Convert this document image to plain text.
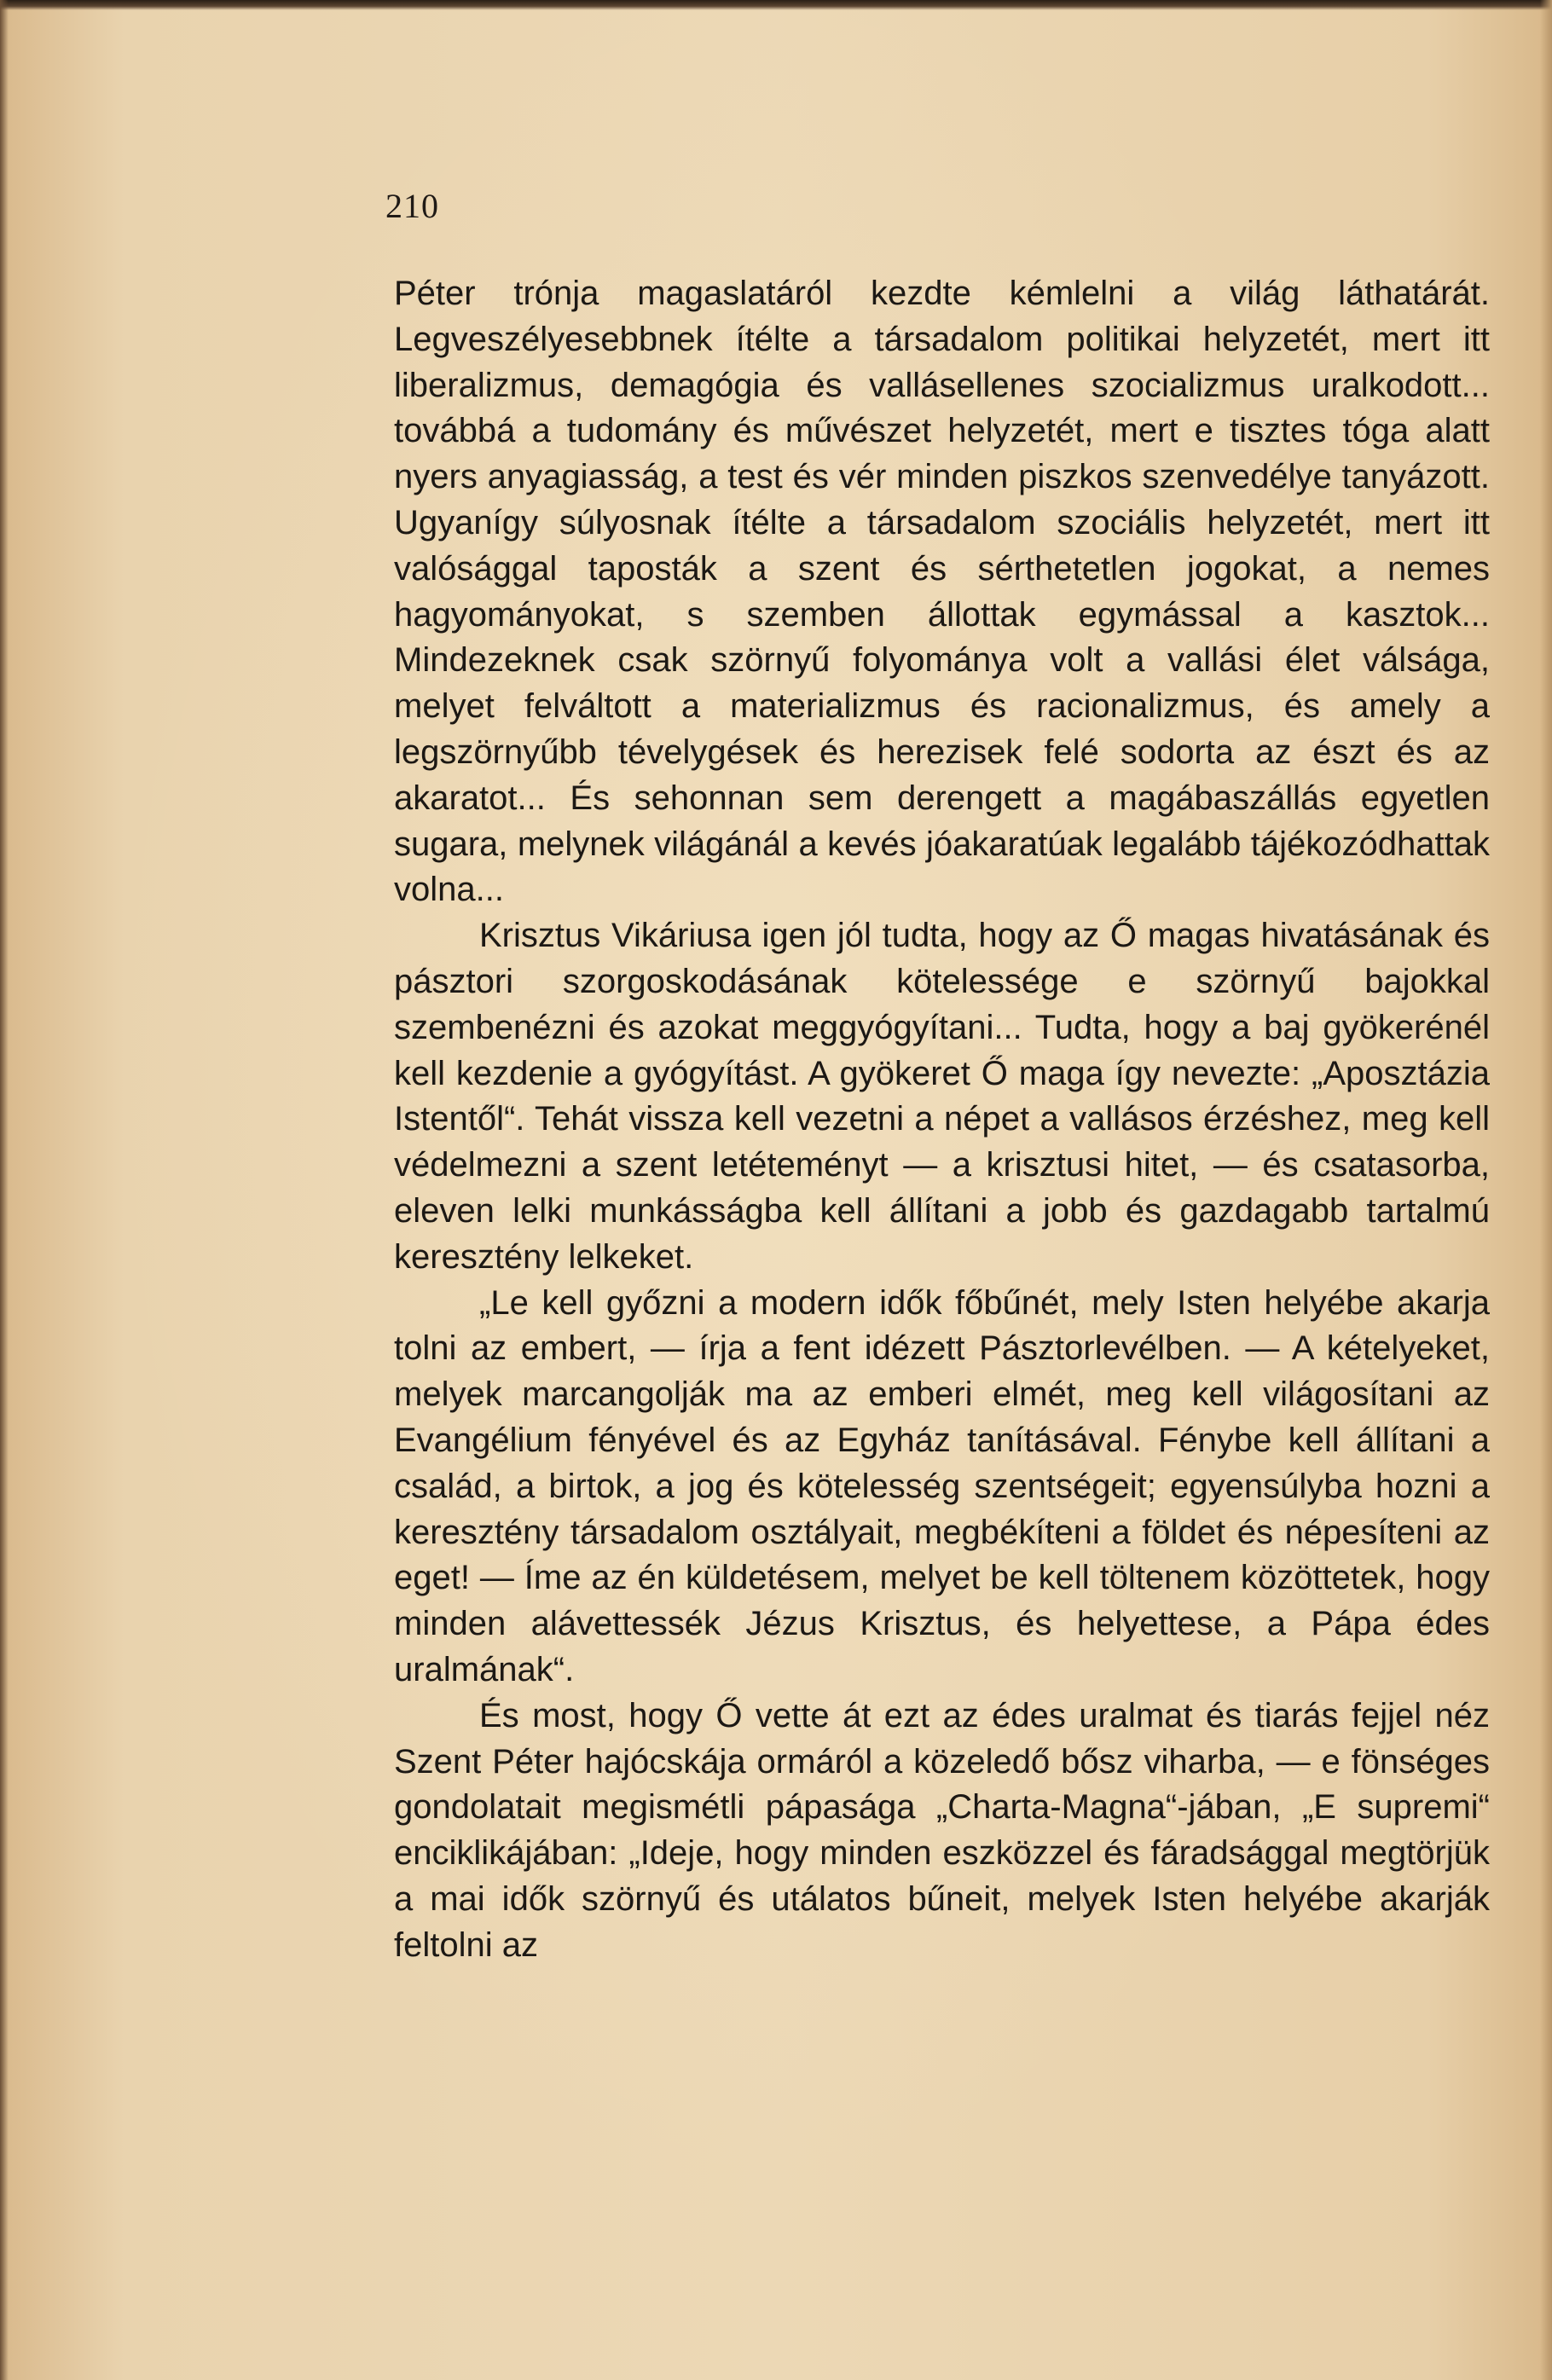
210

Péter trónja magaslatáról kezdte kémlelni a világ láthatárát. Legveszélyesebbnek ítélte a társadalom politikai helyzetét, mert itt liberalizmus, demagógia és vallásellenes szocializmus uralkodott... továbbá a tudomány és művészet helyzetét, mert e tisztes tóga alatt nyers anyagiasság, a test és vér minden piszkos szenvedélye tanyázott. Ugyanígy súlyosnak ítélte a társadalom szociális helyzetét, mert itt valósággal taposták a szent és sérthetetlen jogokat, a nemes hagyományokat, s szemben állottak egymással a kasztok... Mindezeknek csak szörnyű folyománya volt a vallási élet válsága, melyet felváltott a materializmus és racionalizmus, és amely a legszörnyűbb tévelygések és herezisek felé sodorta az észt és az akaratot... És sehonnan sem derengett a magábaszállás egyetlen sugara, melynek világánál a kevés jóakaratúak legalább tájékozódhattak volna...

Krisztus Vikáriusa igen jól tudta, hogy az Ő magas hivatásának és pásztori szorgoskodásának kötelessége e szörnyű bajokkal szembenézni és azokat meggyógyítani... Tudta, hogy a baj gyökerénél kell kezdenie a gyógyítást. A gyökeret Ő maga így nevezte: „Aposztázia Istentől“. Tehát vissza kell vezetni a népet a vallásos érzéshez, meg kell védelmezni a szent letéteményt — a krisztusi hitet, — és csatasorba, eleven lelki munkásságba kell állítani a jobb és gazdagabb tartalmú keresztény lelkeket.

„Le kell győzni a modern idők főbűnét, mely Isten helyébe akarja tolni az embert, — írja a fent idézett Pásztorlevélben. — A kételyeket, melyek marcangolják ma az emberi elmét, meg kell világosítani az Evangélium fényével és az Egyház tanításával. Fénybe kell állítani a család, a birtok, a jog és kötelesség szentségeit; egyensúlyba hozni a keresztény társadalom osztályait, megbékíteni a földet és népesíteni az eget! — Íme az én küldetésem, melyet be kell töltenem közöttetek, hogy minden alávettessék Jézus Krisztus, és helyettese, a Pápa édes uralmának“.

És most, hogy Ő vette át ezt az édes uralmat és tiarás fejjel néz Szent Péter hajócskája ormáról a közeledő bősz viharba, — e fönséges gondolatait megismétli pápasága „Charta-Magna“-jában, „E supremi“ enciklikájában: „Ideje, hogy minden eszközzel és fáradsággal megtörjük a mai idők szörnyű és utálatos bűneit, melyek Isten helyébe akarják feltolni az
